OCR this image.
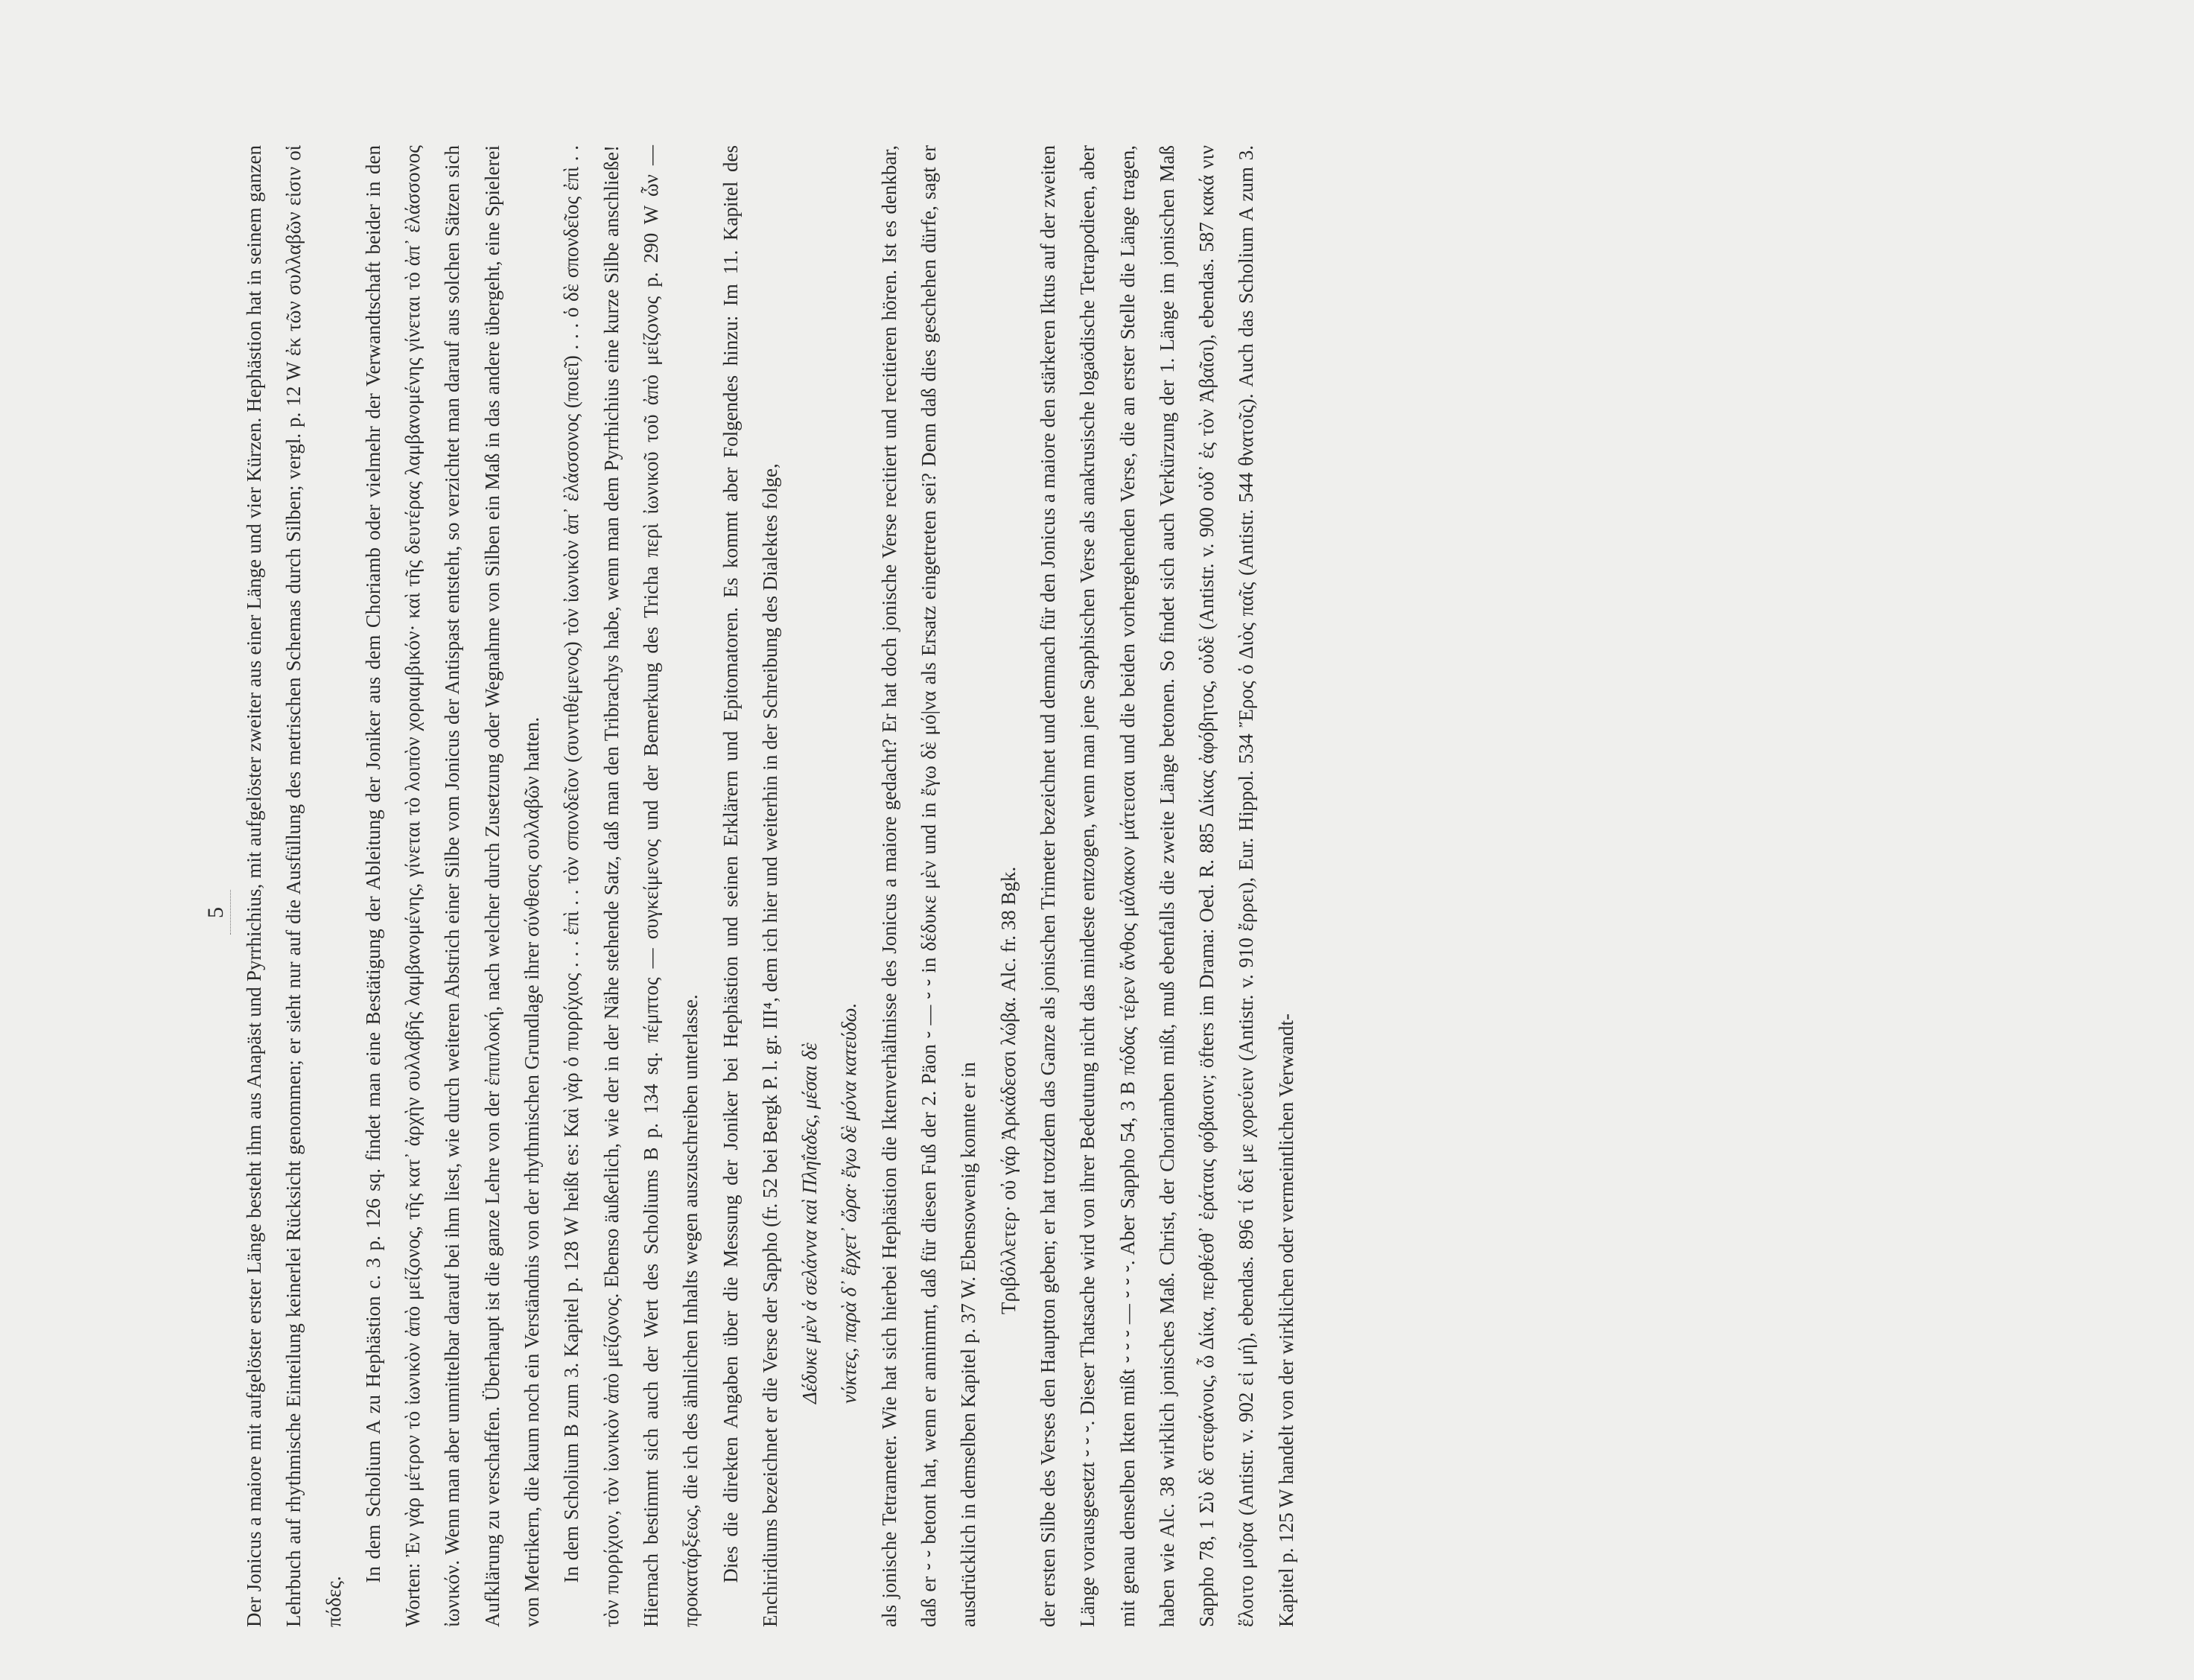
5 Der Jonicus a maiore mit aufgelöster erster Länge besteht ihm aus Anapäst und Pyrrhichius, mit aufgelöster zweiter aus einer Länge und vier Kürzen. Hephästion hat in seinem ganzen Lehrbuch auf rhythmische Einteilung keinerlei Rücksicht genommen; er sieht nur auf die Ausfüllung des metrischen Schemas durch Silben; vergl. p. 12 W ἐκ τῶν συλλαβῶν εἰσιν οἱ πόδες.

In dem Scholium A zu Hephästion c. 3 p. 126 sq. findet man eine Bestätigung der Ableitung der Joniker aus dem Choriamb oder vielmehr der Verwandtschaft beider in den Worten: Ἐν γὰρ μέτρον τὸ ἰωνικὸν ἀπὸ μείζονος, τῆς κατ᾽ ἀρχὴν συλλαβῆς λαμβανομένης, γίνεται τὸ λοιπὸν χοριαμβικόν· καὶ τῆς δευτέρας λαμβανομένης γίνεται τὸ ἀπ᾽ ἐλάσσονος ἰωνικόν. Wenn man aber unmittelbar darauf bei ihm liest, wie durch weiteren Abstrich einer Silbe vom Jonicus der Antispast entsteht, so verzichtet man darauf aus solchen Sätzen sich Aufklärung zu verschaffen. Überhaupt ist die ganze Lehre von der ἐπιπλοκή, nach welcher durch Zusetzung oder Wegnahme von Silben ein Maß in das andere übergeht, eine Spielerei von Metrikern, die kaum noch ein Verständnis von der rhythmischen Grundlage ihrer σύνθεσις συλλαβῶν hatten. In dem Scholium B zum 3. Kapitel p. 128 W heißt es: Καὶ γὰρ ὁ πυρρίχιος . . . ἐπὶ . . τὸν σπονδεῖον (συντιθέμενος) τὸν ἰωνικὸν ἀπ᾽ ἐλάσσονος (ποιεῖ) . . . ὁ δὲ σπονδεῖος ἐπὶ . . τὸν πυρρίχιον, τὸν ἰωνικὸν ἀπὸ μείζονος. Ebenso äußerlich, wie der in der Nähe stehende Satz, daß man den Tribrachys habe, wenn man dem Pyrrhichius eine kurze Silbe anschließe! Hiernach bestimmt sich auch der Wert des Scholiums B p. 134 sq. πέμπτος — συγκείμενος und der Bemerkung des Tricha περὶ ἰωνικοῦ τοῦ ἀπὸ μείζονος p. 290 W ὧν — προκατάρξεως, die ich des ähnlichen Inhalts wegen auszuschreiben unterlasse. Dies die direkten Angaben über die Messung der Joniker bei Hephästion und seinen Erklärern und Epitomatoren. Es kommt aber Folgendes hinzu: Im 11. Kapitel des Enchiridiums bezeichnet er die Verse der Sappho (fr. 52 bei Bergk P. l. gr. III⁴, dem ich hier und weiterhin in der Schreibung des Dialektes folge, Δέδυκε μὲν ἁ σελάννα καὶ Πληΐαδες, μέσαι δὲ νύκτες, παρὰ δ᾽ ἔρχετ᾽ ὤρα· ἔγω δὲ μόνα κατεύδω. als jonische Tetrameter. Wie hat sich hierbei Hephästion die Iktenverhältnisse des Jonicus a maiore gedacht? Er hat doch jonische Verse recitiert und recitieren hören. Ist es denkbar, daß er ⏑ ⏑ betont hat, wenn er annimmt, daß für diesen Fuß der 2. Päon ⏑ — ⏑ ⏑ in δέδυκε μὲν und in ἔγω δὲ μό|να als Ersatz eingetreten sei? Denn daß dies geschehen dürfe, sagt er ausdrücklich in demselben Kapitel p. 37 W. Ebensowenig konnte er in Τριβόλλετερ· οὐ γάρ Ἀρκάδεσσι λώβα. Alc. fr. 38 Bgk. der ersten Silbe des Verses den Hauptton geben; er hat trotzdem das Ganze als jonischen Trimeter bezeichnet und demnach für den Jonicus a maiore den stärkeren Iktus auf der zweiten Länge vorausgesetzt ⏑ ⏑ ⏑. Dieser Thatsache wird von ihrer Bedeutung nicht das mindeste entzogen, wenn man jene Sapphischen Verse als anakrusische logaödische Tetrapodieen, aber mit genau denselben Ikten mißt ⏑ ⏑ ⏑ — ⏑ ⏑ ⏑. Aber Sappho 54, 3 B πόδας τέρεν ἄνθος μάλακον μάτεισαι und die beiden vorhergehenden Verse, die an erster Stelle die Länge tragen, haben wie Alc. 38 wirklich jonisches Maß. Christ, der Choriamben mißt, muß ebenfalls die zweite Länge betonen. So findet sich auch Verkürzung der 1. Länge im jonischen Maß Sappho 78, 1 Σὺ δὲ στεφάνοις, ὦ Δίκα, περθέσθ᾽ ἐράταις φόβαισιν; öfters im Drama: Oed. R. 885 Δίκας ἀφόβητος, οὐδὲ (Antistr. v. 900 οὐδ᾽ ἐς τὸν Ἀβαῖσι), ebendas. 587 κακά νιν ἕλοιτο μοῖρα (Antistr. v. 902 εἰ μή), ebendas. 896 τί δεῖ με χορεύειν (Antistr. v. 910 ἔρρει), Eur. Hippol. 534 Ἔρος ὁ Διὸς παῖς (Antistr. 544 θνατοῖς). Auch das Scholium A zum 3. Kapitel p. 125 W handelt von der wirklichen oder vermeintlichen Verwandt-
